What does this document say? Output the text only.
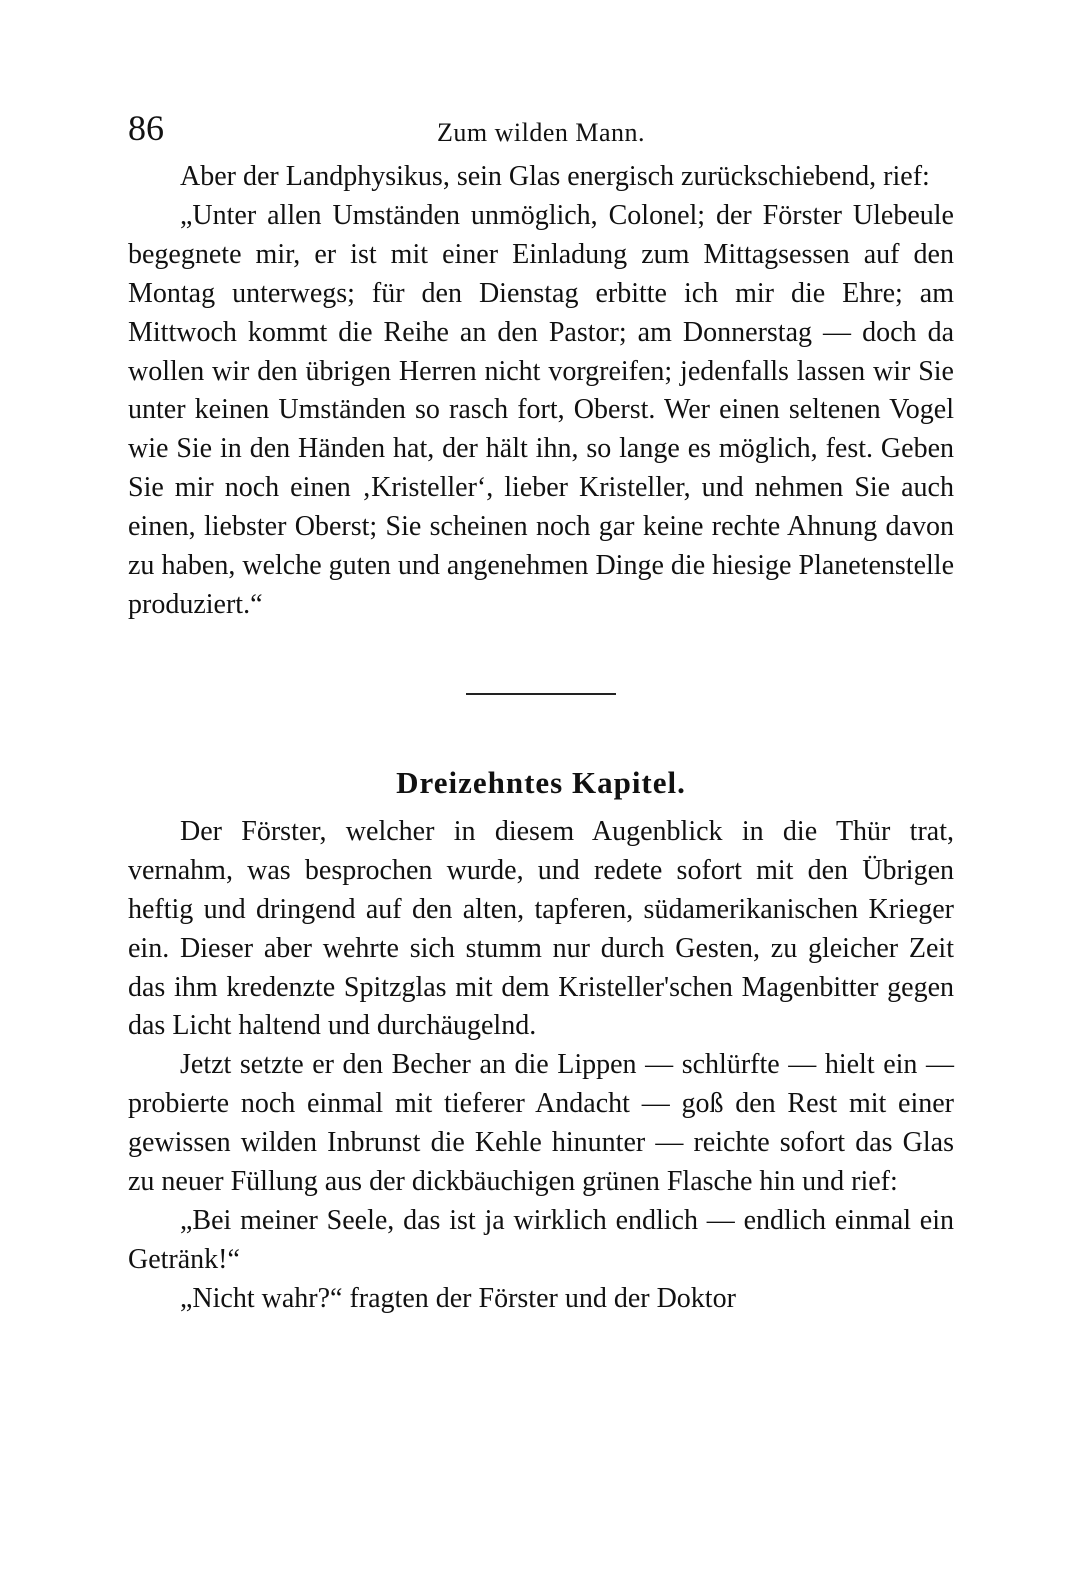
86	Zum wilden Mann.

Aber der Landphysikus, sein Glas energisch zurückschiebend, rief:

„Unter allen Umständen unmöglich, Colonel; der Förster Ulebeule begegnete mir, er ist mit einer Einladung zum Mittagsessen auf den Montag unterwegs; für den Dienstag erbitte ich mir die Ehre; am Mittwoch kommt die Reihe an den Pastor; am Donnerstag — doch da wollen wir den übrigen Herren nicht vorgreifen; jedenfalls lassen wir Sie unter keinen Umständen so rasch fort, Oberst. Wer einen seltenen Vogel wie Sie in den Händen hat, der hält ihn, so lange es möglich, fest. Geben Sie mir noch einen ‚Kristeller‘, lieber Kristeller, und nehmen Sie auch einen, liebster Oberst; Sie scheinen noch gar keine rechte Ahnung davon zu haben, welche guten und angenehmen Dinge die hiesige Planetenstelle produziert.“

Dreizehntes Kapitel.

Der Förster, welcher in diesem Augenblick in die Thür trat, vernahm, was besprochen wurde, und redete sofort mit den Übrigen heftig und dringend auf den alten, tapferen, südamerikanischen Krieger ein. Dieser aber wehrte sich stumm nur durch Gesten, zu gleicher Zeit das ihm kredenzte Spitzglas mit dem Kristeller'schen Magenbitter gegen das Licht haltend und durchäugelnd.

Jetzt setzte er den Becher an die Lippen — schlürfte — hielt ein — probierte noch einmal mit tieferer Andacht — goß den Rest mit einer gewissen wilden Inbrunst die Kehle hinunter — reichte sofort das Glas zu neuer Füllung aus der dickbäuchigen grünen Flasche hin und rief:

„Bei meiner Seele, das ist ja wirklich endlich — endlich einmal ein Getränk!“

„Nicht wahr?“ fragten der Förster und der Doktor
